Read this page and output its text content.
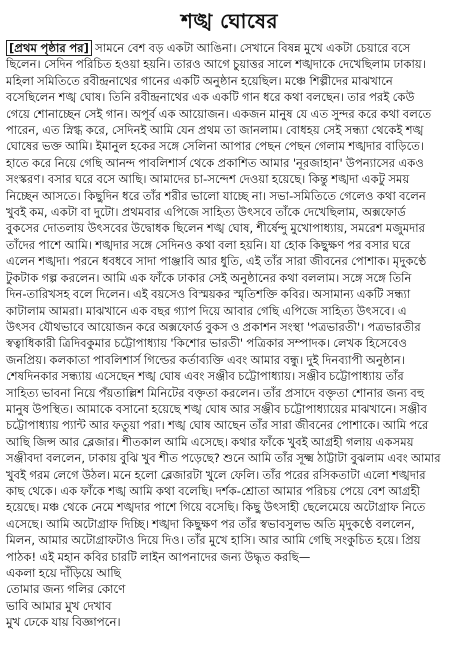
শঙ্খ ঘোষের
[প্রথম পৃষ্ঠার পর] সামনে বেশ বড় একটা আঙিনা। সেখানে বিষন্ন মুখে একটা চেয়ারে বসে
ছিলেন। সেদিন পরিচিত হওয়া হয়নি। তারও আগে চুয়াত্তর সালে শঙ্খদাকে দেখেছিলাম ঢাকায়।
মহিলা সমিতিতে রবীন্দ্রনাথের গানের একটি অনুষ্ঠান হয়েছিল। মঞ্চে শিল্পীদের মাঝখানে
বসেছিলেন শঙ্খ ঘোষ। তিনি রবীন্দ্রনাথের এক একটি গান ধরে কথা বলছেন। তার পরই কেউ
গেয়ে শোনাচ্ছেন সেই গান। অপূর্ব এক আয়োজন। একজন মানুষ যে এত সুন্দর করে কথা বলতে
পারেন, এত স্নিগ্ধ করে, সেদিনই আমি যেন প্রথম তা জানলাম। বোধহয় সেই সন্ধ্যা থেকেই শঙ্খ
ঘোষের ভক্ত আমি। ইমানুল হকের সঙ্গে সেলিনা আপার পেছন পেছন গেলাম শঙ্খদার বাড়িতে।
হাতে করে নিয়ে গেছি আনন্দ পাবলিশার্স থেকে প্রকাশিত আমার 'নূরজাহান' উপন্যাসের একও
সংস্করণ। বসার ঘরে বসে আছি। আমাদের চা-সন্দেশ দেওয়া হয়েছে। কিন্তু শঙ্খদা একটু সময়
নিচ্ছেন আসতে। কিছুদিন ধরে তাঁর শরীর ভালো যাচ্ছে না। সভা-সমিতিতে গেলেও কথা বলেন
খুবই কম, একটা বা দুটো। প্রথমবার এপিজে সাহিত্য উৎসবে তাঁকে দেখেছিলাম, অক্সফোর্ড
বুকসের দোতলায় উৎসবের উদ্বোধক ছিলেন শঙ্খ ঘোষ, শীর্ষেন্দু মুখোপাধ্যায়, সমরেশ মজুমদার
তাঁদের পাশে আমি। শঙ্খদার সঙ্গে সেদিনও কথা বলা হয়নি। যা হোক কিছুক্ষণ পর বসার ঘরে
এলেন শঙ্খদা। পরনে ধবধবে সাদা পাঞ্জাবি আর ধুতি, এই তাঁর সারা জীবনের পোশাক। মৃদুকণ্ঠে
টুকটাক গল্প করলেন। আমি এক ফাঁকে ঢাকার সেই অনুষ্ঠানের কথা বললাম। সঙ্গে সঙ্গে তিনি
দিন-তারিখসহ বলে দিলেন। এই বয়সেও বিস্ময়কর স্মৃতিশক্তি কবির। অসামান্য একটি সন্ধ্যা
কাটালাম আমরা। মাঝখানে এক বছর গ্যাপ দিয়ে আবার গেছি এপিজে সাহিত্য উৎসবে। এ
উৎসব যৌথভাবে আয়োজন করে অক্সফোর্ড বুকস ও প্রকাশন সংস্থা 'পত্রভারতী'। পত্রভারতীর
স্বত্বাধিকারী ত্রিদিবকুমার চট্টোপাধ্যায় 'কিশোর ভারতী' পত্রিকার সম্পাদক। লেখক হিসেবেও
জনপ্রিয়। কলকাতা পাবলিশার্স গিল্ডের কর্তাব্যক্তি এবং আমার বন্ধু। দুই দিনব্যাপী অনুষ্ঠান।
শেষদিনকার সন্ধ্যায় এসেছেন শঙ্খ ঘোষ এবং সঞ্জীব চট্টোপাধ্যায়। সঞ্জীব চট্টোপাধ্যায় তাঁর
সাহিত্য ভাবনা নিয়ে পঁয়তাল্লিশ মিনিটের বক্তৃতা করলেন। তাঁর প্রসাদে বক্তৃতা শোনার জন্য বহু
মানুষ উপস্থিত। আমাকে বসানো হয়েছে শঙ্খ ঘোষ আর সঞ্জীব চট্টোপাধ্যায়ের মাঝখানে। সঞ্জীব
চট্টোপাধ্যায় প্যান্ট আর ফতুয়া পরা। শঙ্খ ঘোষ আছেন তাঁর সারা জীবনের পোশাকে। আমি পরে
আছি জিন্স আর ব্লেজার। শীতকাল আমি এসেছে। কথার ফাঁকে খুবই আগ্রহী গলায় একসময়
সঞ্জীবদা বললেন, ঢাকায় বুঝি খুব শীত পড়েছে? শুনে আমি তাঁর সূক্ষ্ম ঠাট্টাটা বুঝলাম এবং আমার
খুবই গরম লেগে উঠল। মনে হলো ব্লেজারটা খুলে ফেলি। তাঁর পরের রসিকতাটা এলো শঙ্খদার
কাছ থেকে। এক ফাঁকে শঙ্খ আমি কথা বলেছি। দর্শক-শ্রোতা আমার পরিচয় পেয়ে বেশ আগ্রহী
হয়েছে। মঞ্চ থেকে নেমে শঙ্খদার পাশে গিয়ে বসেছি। কিছু উৎসাহী ছেলেমেয়ে অটোগ্রাফ নিতে
এসেছে। আমি অটোগ্রাফ দিচ্ছি। শঙ্খদা কিছুক্ষণ পর তাঁর স্বভাবসুলভ অতি মৃদুকণ্ঠে বললেন,
মিলন, আমার অটোগ্রাফটাও দিয়ে দিও। তাঁর মুখে হাসি। আর আমি গেছি সংকুচিত হয়ে। প্রিয়
পাঠক! এই মহান কবির চারটি লাইন আপনাদের জন্য উদ্ধৃত করছি—
একলা হয়ে দাঁড়িয়ে আছি
তোমার জন্য গলির কোণে
ভাবি আমার মুখ দেখাব
মুখ ঢেকে যায় বিজ্ঞাপনে।
